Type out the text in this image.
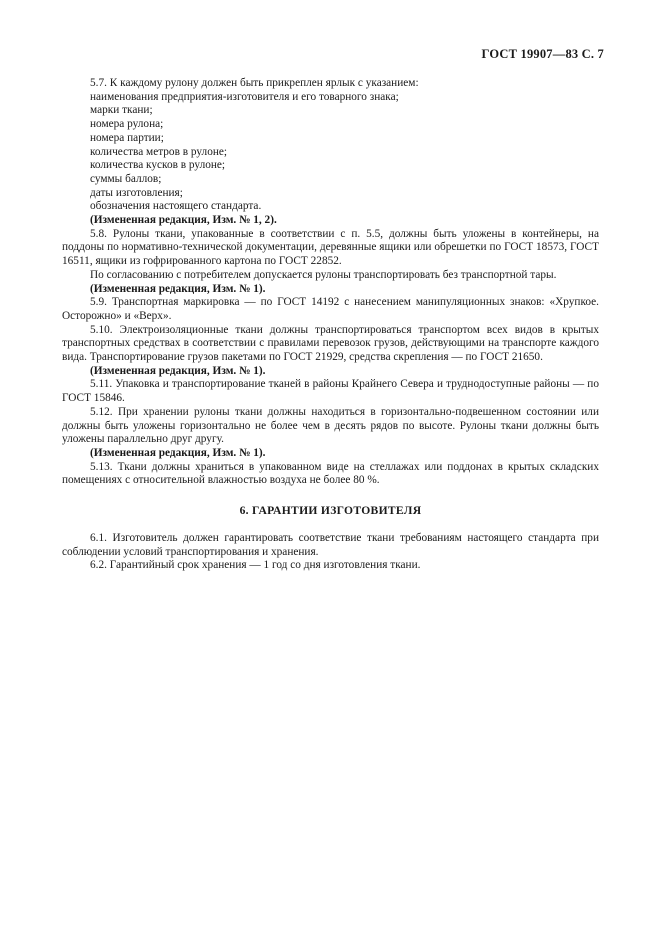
ГОСТ 19907—83 С. 7

5.7. К каждому рулону должен быть прикреплен ярлык с указанием:

наименования предприятия-изготовителя и его товарного знака;

марки ткани;

номера рулона;

номера партии;

количества метров в рулоне;

количества кусков в рулоне;

суммы баллов;

даты изготовления;

обозначения настоящего стандарта.

(Измененная редакция, Изм. № 1, 2).

5.8. Рулоны ткани, упакованные в соответствии с п. 5.5, должны быть уложены в контейнеры, на поддоны по нормативно-технической документации, деревянные ящики или обрешетки по ГОСТ 18573, ГОСТ 16511, ящики из гофрированного картона по ГОСТ 22852.

По согласованию с потребителем допускается рулоны транспортировать без транспортной тары.

(Измененная редакция, Изм. № 1).

5.9. Транспортная маркировка — по ГОСТ 14192 с нанесением манипуляционных знаков: «Хрупкое. Осторожно» и «Верх».

5.10. Электроизоляционные ткани должны транспортироваться транспортом всех видов в крытых транспортных средствах в соответствии с правилами перевозок грузов, действующими на транспорте каждого вида. Транспортирование грузов пакетами по ГОСТ 21929, средства скрепления — по ГОСТ 21650.

(Измененная редакция, Изм. № 1).

5.11. Упаковка и транспортирование тканей в районы Крайнего Севера и труднодоступные районы — по ГОСТ 15846.

5.12. При хранении рулоны ткани должны находиться в горизонтально-подвешенном состоянии или должны быть уложены горизонтально не более чем в десять рядов по высоте. Рулоны ткани должны быть уложены параллельно друг другу.

(Измененная редакция, Изм. № 1).

5.13. Ткани должны храниться в упакованном виде на стеллажах или поддонах в крытых складских помещениях с относительной влажностью воздуха не более 80 %.

6. ГАРАНТИИ ИЗГОТОВИТЕЛЯ

6.1. Изготовитель должен гарантировать соответствие ткани требованиям настоящего стандарта при соблюдении условий транспортирования и хранения.

6.2. Гарантийный срок хранения — 1 год со дня изготовления ткани.
